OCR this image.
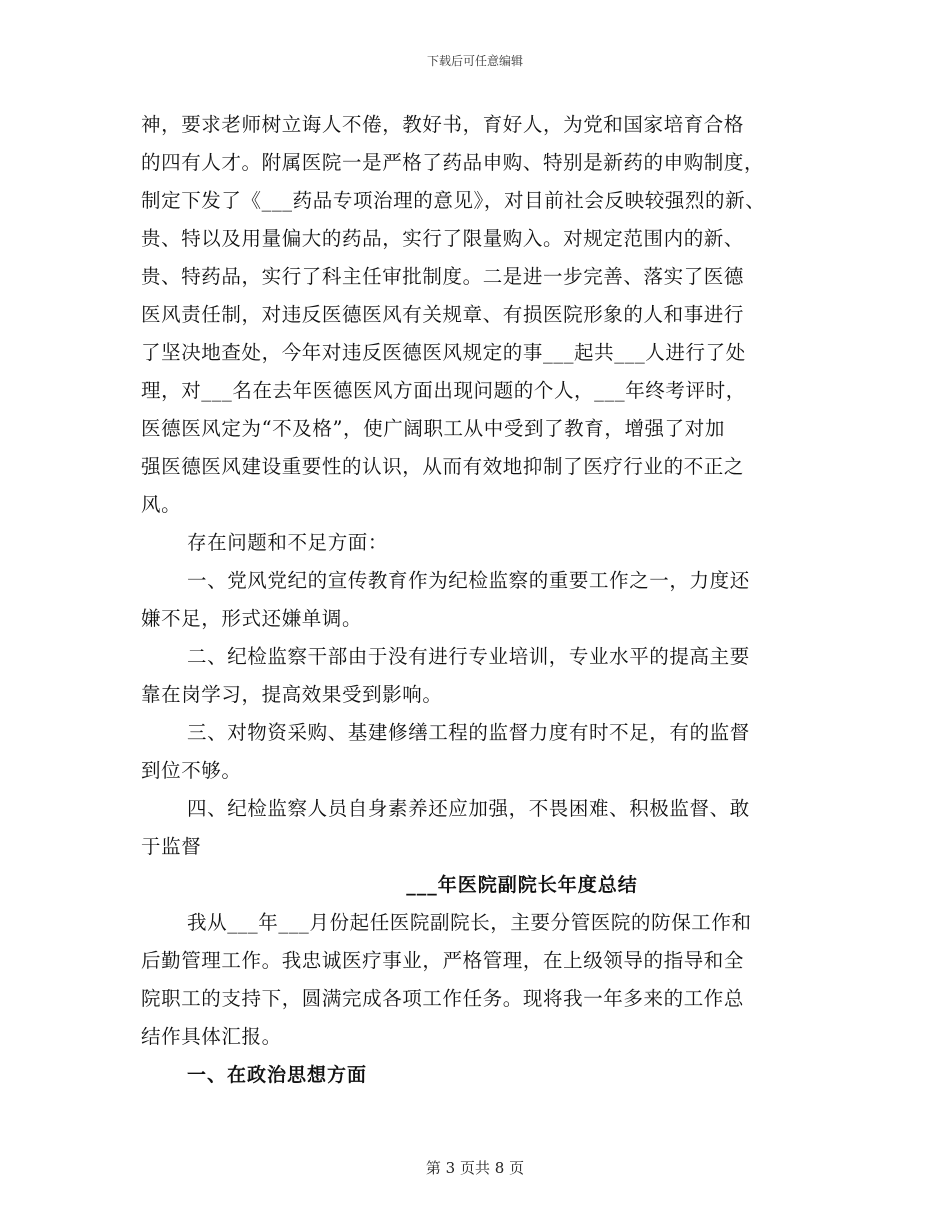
下载后可任意编辑
神，要求老师树立诲人不倦，教好书，育好人，为党和国家培育合格
的四有人才。附属医院一是严格了药品申购、特别是新药的申购制度，
制定下发了《___药品专项治理的意见》，对目前社会反映较强烈的新、
贵、特以及用量偏大的药品，实行了限量购入。对规定范围内的新、
贵、特药品，实行了科主任审批制度。二是进一步完善、落实了医德
医风责任制，对违反医德医风有关规章、有损医院形象的人和事进行
了坚决地查处，今年对违反医德医风规定的事___起共___人进行了处
理，对___名在去年医德医风方面出现问题的个人，___年终考评时，
医德医风定为“不及格”，使广阔职工从中受到了教育，增强了对加
强医德医风建设重要性的认识，从而有效地抑制了医疗行业的不正之
风。
存在问题和不足方面：
一、党风党纪的宣传教育作为纪检监察的重要工作之一，力度还
嫌不足，形式还嫌单调。
二、纪检监察干部由于没有进行专业培训，专业水平的提高主要
靠在岗学习，提高效果受到影响。
三、对物资采购、基建修缮工程的监督力度有时不足，有的监督
到位不够。
四、纪检监察人员自身素养还应加强，不畏困难、积极监督、敢
于监督
___年医院副院长年度总结
我从___年___月份起任医院副院长，主要分管医院的防保工作和
后勤管理工作。我忠诚医疗事业，严格管理，在上级领导的指导和全
院职工的支持下，圆满完成各项工作任务。现将我一年多来的工作总
结作具体汇报。
一、在政治思想方面
第 3 页共 8 页
